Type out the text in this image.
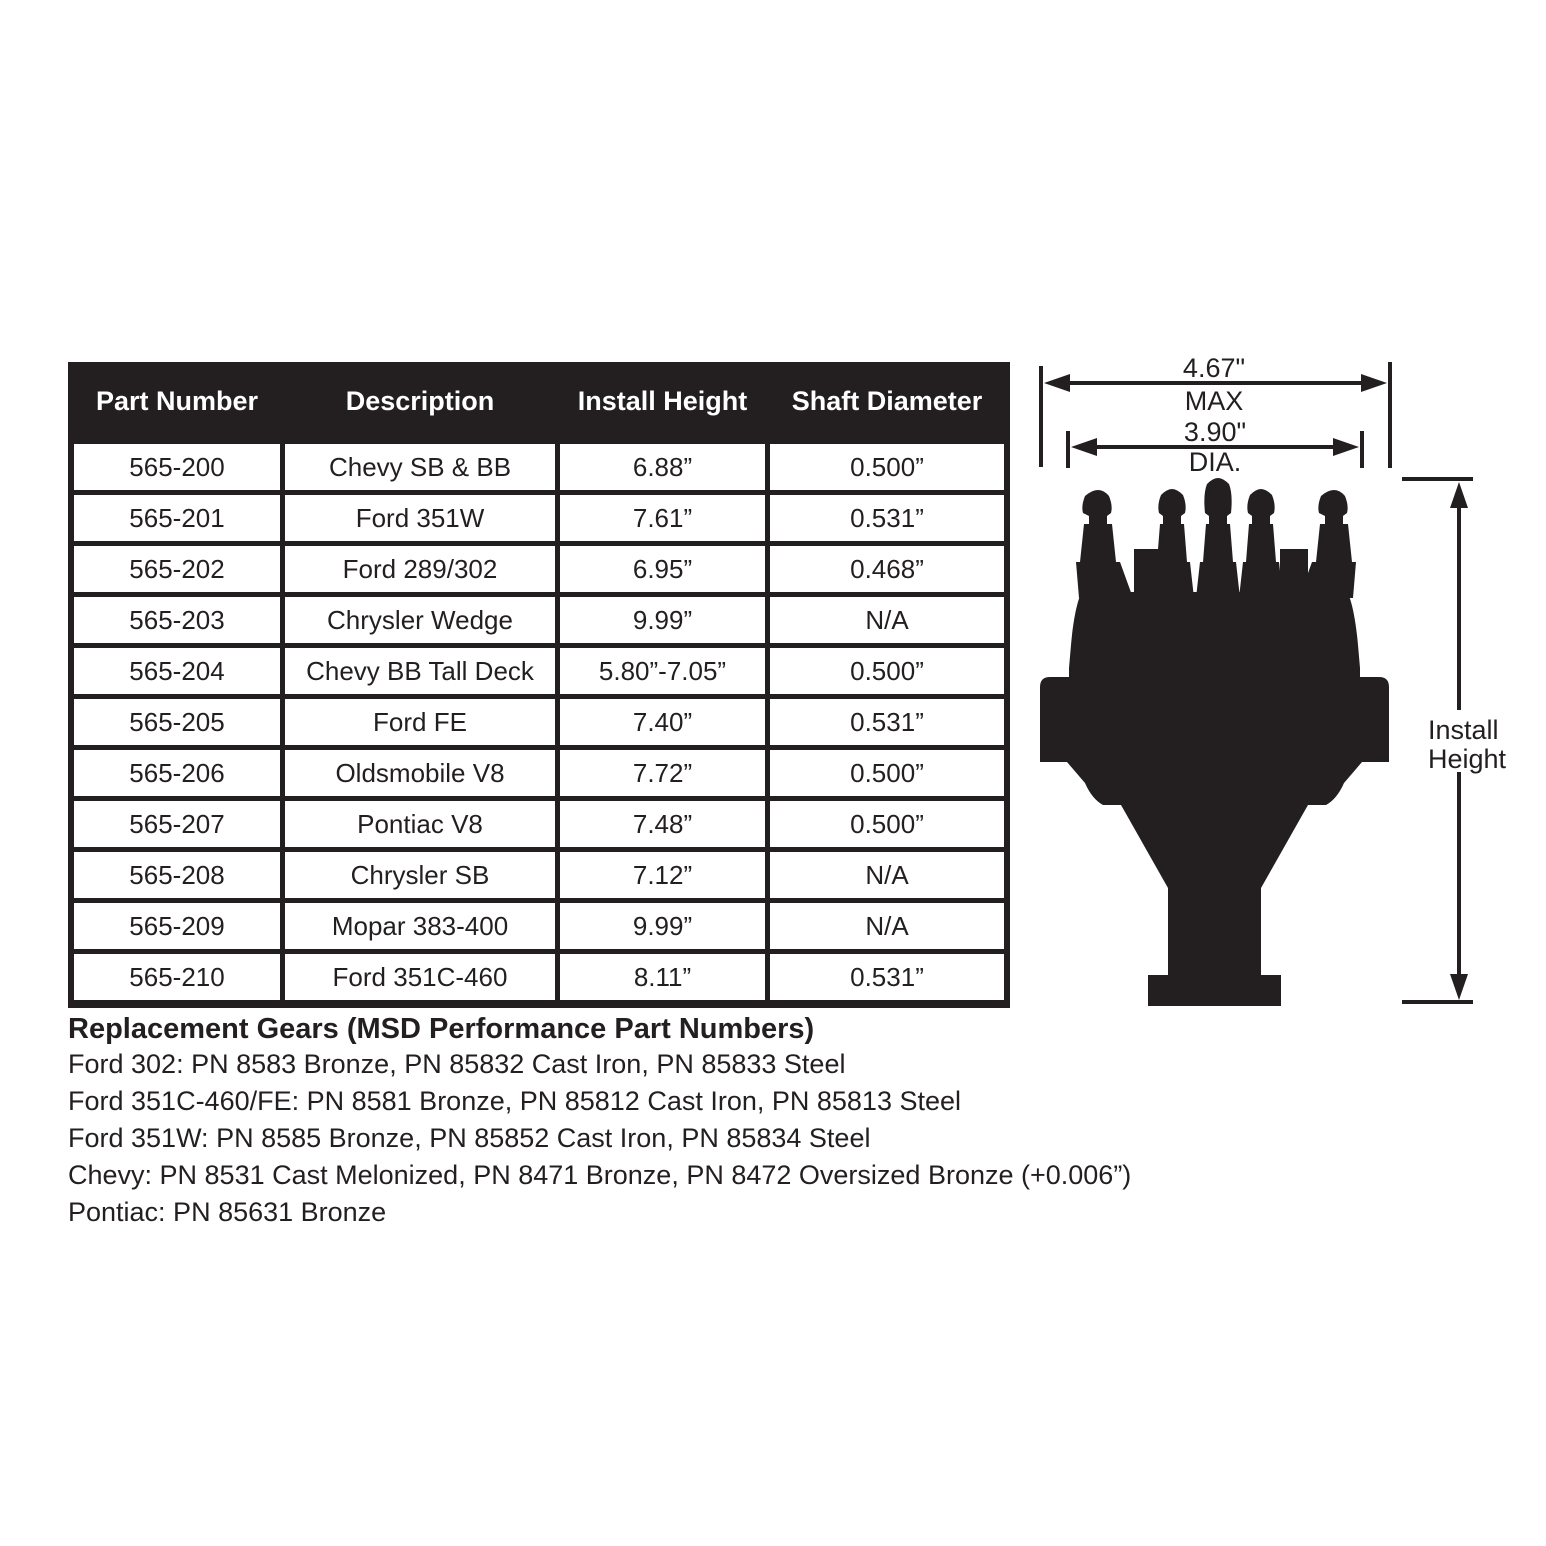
Part Number	Description	Install Height	Shaft Diameter
565-200	Chevy SB & BB	6.88”	0.500”
565-201	Ford 351W	7.61”	0.531”
565-202	Ford 289/302	6.95”	0.468”
565-203	Chrysler Wedge	9.99”	N/A
565-204	Chevy BB Tall Deck	5.80”-7.05”	0.500”
565-205	Ford FE	7.40”	0.531”
565-206	Oldsmobile V8	7.72”	0.500”
565-207	Pontiac V8	7.48”	0.500”
565-208	Chrysler SB	7.12”	N/A
565-209	Mopar 383-400	9.99”	N/A
565-210	Ford 351C-460	8.11”	0.531”
Replacement Gears (MSD Performance Part Numbers)
Ford 302: PN 8583 Bronze, PN 85832 Cast Iron, PN 85833 Steel
Ford 351C-460/FE: PN 8581 Bronze, PN 85812 Cast Iron, PN 85813 Steel
Ford 351W: PN 8585 Bronze, PN 85852 Cast Iron, PN 85834 Steel
Chevy: PN 8531 Cast Melonized, PN 8471 Bronze, PN 8472 Oversized Bronze (+0.006”)
Pontiac: PN 85631 Bronze
4.67"
MAX
3.90"
DIA.
Install
Height
